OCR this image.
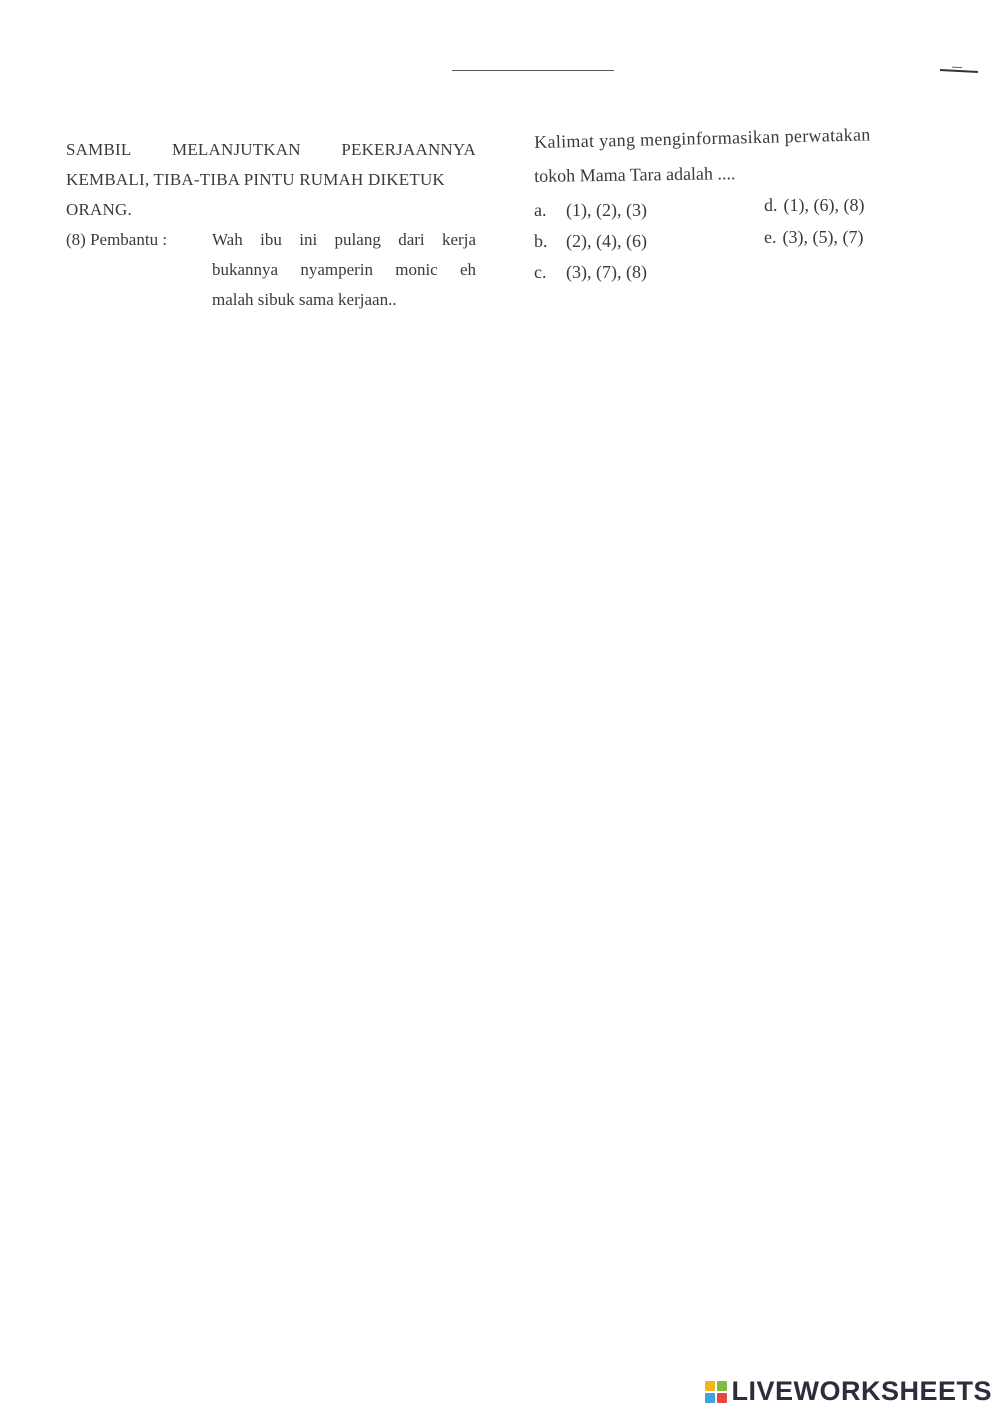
SAMBIL MELANJUTKAN PEKERJAANNYA
KEMBALI, TIBA-TIBA PINTU RUMAH DIKETUK
ORANG.
(8) Pembantu :	Wah ibu ini pulang dari kerja
bukannya nyamperin monic eh
malah sibuk sama kerjaan..
Kalimat yang menginformasikan perwatakan
tokoh Mama Tara adalah ....
a. (1), (2), (3)
b. (2), (4), (6)
c. (3), (7), (8)
d. (1), (6), (8)
e. (3), (5), (7)
LIVEWORKSHEETS
